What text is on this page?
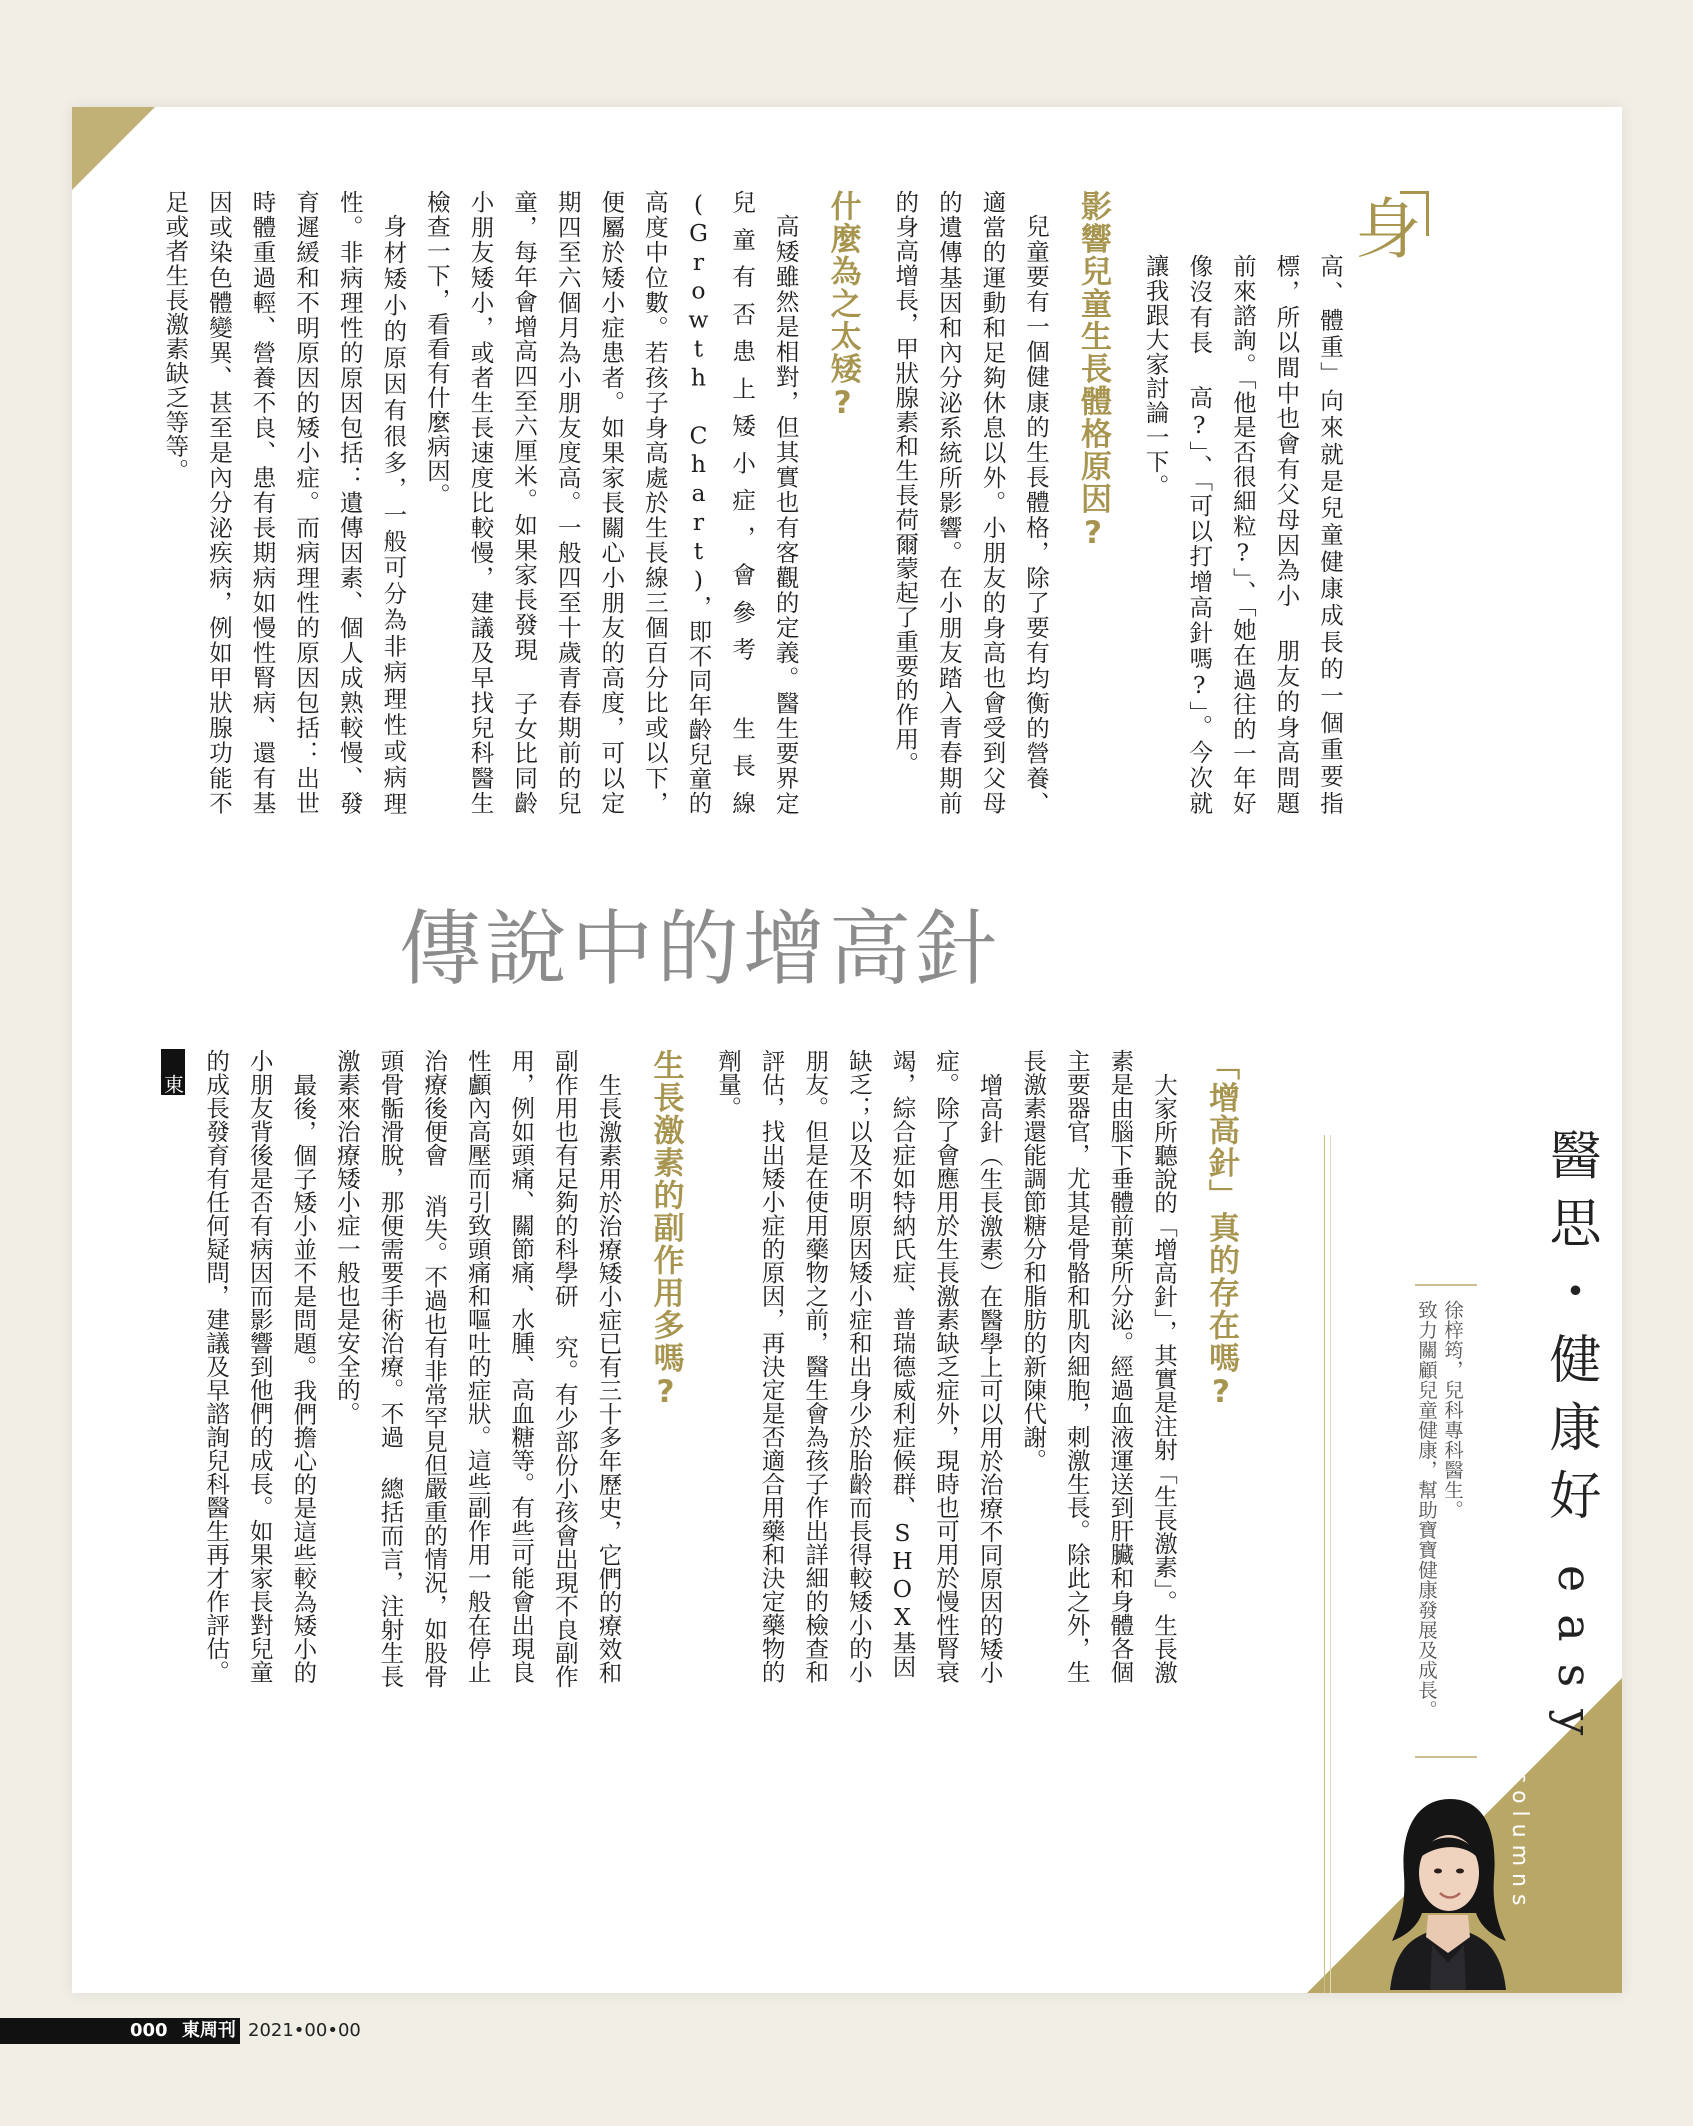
身

高、體重」向來就是兒童健康成長的一個重要指標，所以間中也會有父母因為小 朋友的身高問題前來諮詢。「他是否很細粒?」、「她在過往的一年好像沒有長 高?」、「可以打增高針嗎?」。今次就讓我跟大家討論一下。

影響兒童生長體格原因?

兒童要有一個健康的生長體格，除了要有均衡的營養、適當的運動和足夠休息以外。小朋友的身高也會受到父母的遺傳基因和內分泌系統所影響。在小朋友踏入青春期前的身高增長，甲狀腺素和生長荷爾蒙起了重要的作用。

什麼為之太矮?

高矮雖然是相對，但其實也有客觀的定義。醫生要界定兒童有否患上矮小症，會參考 生長線 (Growth Chart)，即不同年齡兒童的高度中位數。若孩子身高處於生長線三個百分比或以下，便屬於矮小症患者。如果家長關心小朋友的高度，可以定期四至六個月為小朋友度高。一般四至十歲青春期前的兒童，每年會增高四至六厘米。如果家長發現 子女比同齡小朋友矮小，或者生長速度比較慢，建議及早找兒科醫生檢查一下，看看有什麼病因。

身材矮小的原因有很多，一般可分為非病理性或病理性。非病理性的原因包括：遺傳因素、個人成熟較慢、發育遲緩和不明原因的矮小症。而病理性的原因包括：出世時體重過輕、營養不良、患有長期病如慢性腎病、還有基因或染色體變異、甚至是內分泌疾病，例如甲狀腺功能不足或者生長激素缺乏等等。

傳說中的增高針
「增高針」真的存在嗎?

大家所聽說的「增高針」，其實是注射「生長激素」。生長激素是由腦下垂體前葉所分泌。經過血液運送到肝臟和身體各個主要器官，尤其是骨骼和肌肉細胞，刺激生長。除此之外，生長激素還能調節糖分和脂肪的新陳代謝。

增高針（生長激素）在醫學上可以用於治療不同原因的矮小症。除了會應用於生長激素缺乏症外，現時也可用於慢性腎衰竭，綜合症如特納氏症、普瑞德威利症候群、SHOX基因缺乏；以及不明原因矮小症和出身少於胎齡而長得較矮小的小朋友。但是在使用藥物之前，醫生會為孩子作出詳細的檢查和評估，找出矮小症的原因，再決定是否適合用藥和決定藥物的劑量。

生長激素的副作用多嗎?

生長激素用於治療矮小症已有三十多年歷史，它們的療效和副作用也有足夠的科學研 究。有少部份小孩會出現不良副作用，例如頭痛、關節痛、水腫、高血糖等。有些可能會出現良性顱內高壓而引致頭痛和嘔吐的症狀。這些副作用一般在停止治療後便會 消失。不過也有非常罕見但嚴重的情況，如股骨頭骨骺滑脫，那便需要手術治療。不過 總括而言，注射生長激素來治療矮小症一般也是安全的。

最後，個子矮小並不是問題。我們擔心的是這些較為矮小的小朋友背後是否有病因而影響到他們的成長。如果家長對兒童的成長發育有任何疑問，建議及早諮詢兒科醫生再才作評估。東

醫思・健康好
easy
徐梓筠，兒科專科醫生。
致力關顧兒童健康，幫助寶寶健康發展及成長。
columns
000 東周刊 2021•00•00
